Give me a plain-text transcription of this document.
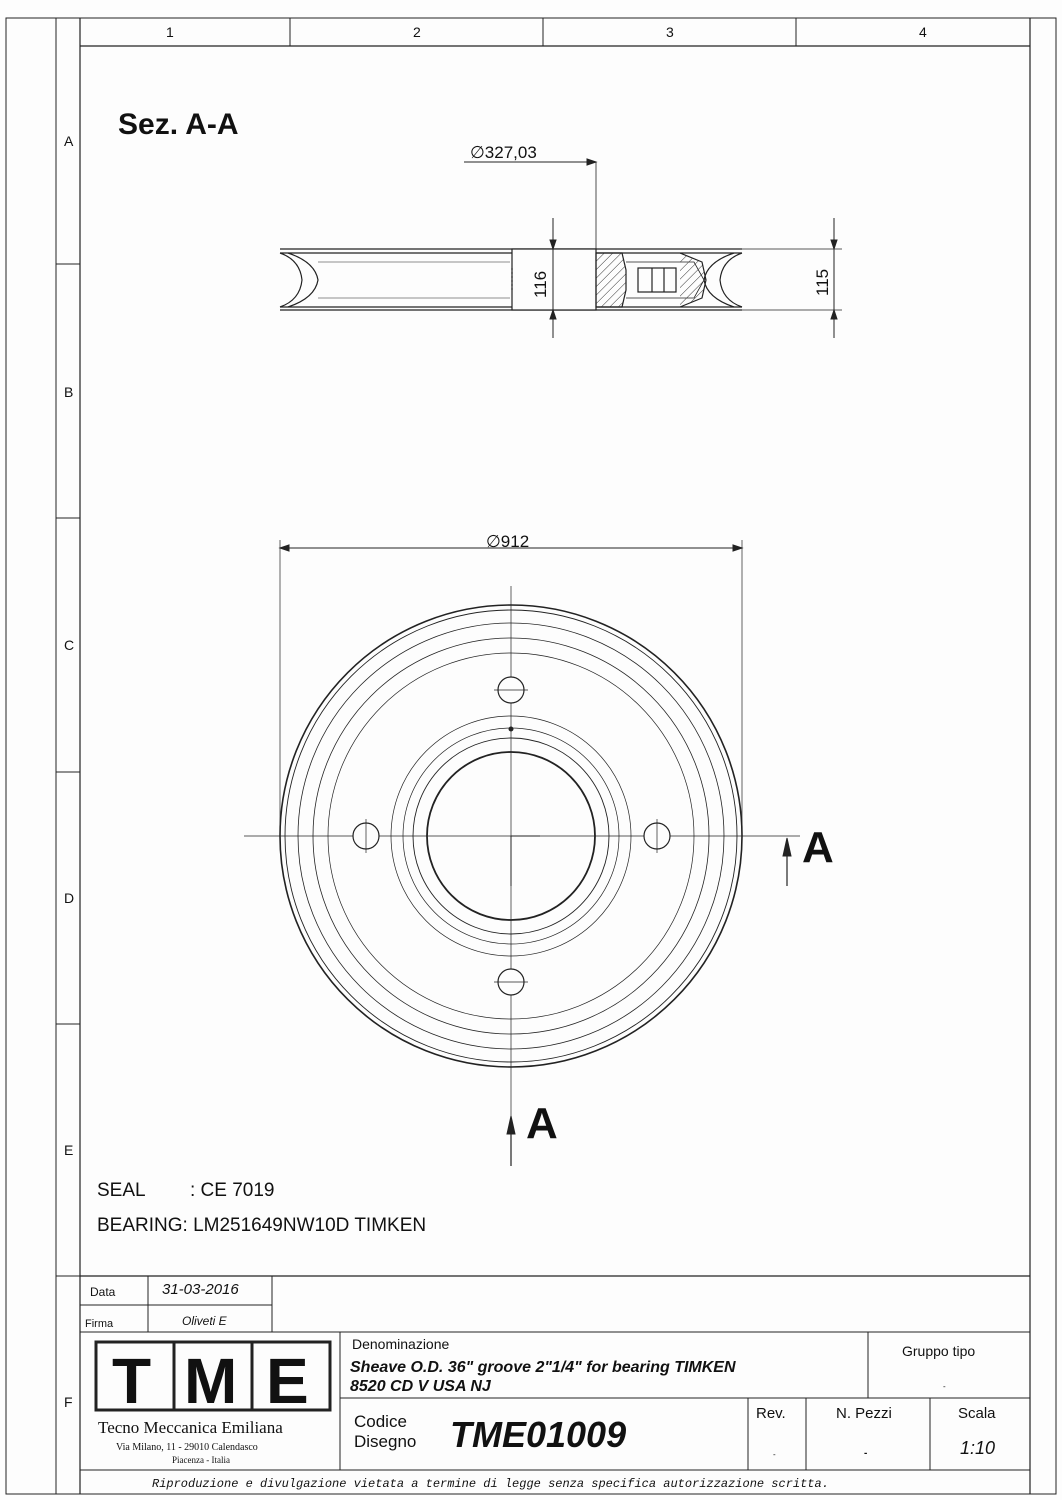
1	2	3	4
A
B
C
D
E
F
Sez. A-A
∅327,03
116	115
∅912
A
A
SEAL : CE 7019
BEARING: LM251649NW10D TIMKEN
Data	31-03-2016
Firma	Oliveti E
T M E
Tecno Meccanica Emiliana
Via Milano, 11 - 29010 Calendasco
Piacenza - Italia
Denominazione
Sheave O.D. 36" groove 2"1/4" for bearing TIMKEN
8520 CD V USA NJ
Gruppo tipo
-
Codice
Disegno TME01009
Rev.
-
N. Pezzi
-
Scala
1:10
Riproduzione e divulgazione vietata a termine di legge senza specifica autorizzazione scritta.
